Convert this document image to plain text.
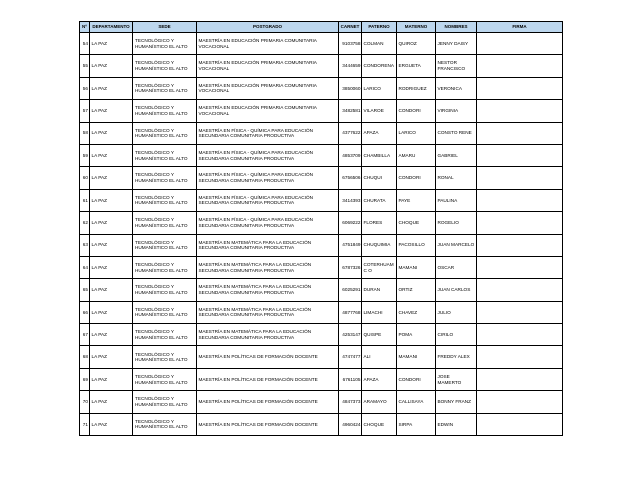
Nº	DEPARTAMENTO	SEDE	POSTGRADO	CARNET	PATERNO	MATERNO	NOMBRES	FIRMA
54	LA PAZ	TECNOLÓGICO Y HUMANÍSTICO EL ALTO	MAESTRÍA EN EDUCACIÓN PRIMARIA COMUNITARIA VOCACIONAL	9103758	COLMAN	QUIROZ	JENNY DAISY	
55	LA PAZ	TECNOLÓGICO Y HUMANÍSTICO EL ALTO	MAESTRÍA EN EDUCACIÓN PRIMARIA COMUNITARIA VOCACIONAL	3444659	CONDORENA	ERGUETA	NESTOR FRANCISCO	
56	LA PAZ	TECNOLÓGICO Y HUMANÍSTICO EL ALTO	MAESTRÍA EN EDUCACIÓN PRIMARIA COMUNITARIA VOCACIONAL	3850060	LARICO	RODRIGUEZ	VERONICA	
57	LA PAZ	TECNOLÓGICO Y HUMANÍSTICO EL ALTO	MAESTRÍA EN EDUCACIÓN PRIMARIA COMUNITARIA VOCACIONAL	3482581	VILAROE	CONDORI	VIRGINIA	
58	LA PAZ	TECNOLÓGICO Y HUMANÍSTICO EL ALTO	MAESTRÍA EN FÍSICA - QUÍMICA PARA EDUCACIÓN SECUNDARIA COMUNITARIA PRODUCTIVA	4377622	APAZA	LARICO	CONSTO RENE	
59	LA PAZ	TECNOLÓGICO Y HUMANÍSTICO EL ALTO	MAESTRÍA EN FÍSICA - QUÍMICA PARA EDUCACIÓN SECUNDARIA COMUNITARIA PRODUCTIVA	4853709	CHAMBILLA	AMARU	GABRIEL	
60	LA PAZ	TECNOLÓGICO Y HUMANÍSTICO EL ALTO	MAESTRÍA EN FÍSICA - QUÍMICA PARA EDUCACIÓN SECUNDARIA COMUNITARIA PRODUCTIVA	6756506	CHUQUI	CONDORI	RONAL	
61	LA PAZ	TECNOLÓGICO Y HUMANÍSTICO EL ALTO	MAESTRÍA EN FÍSICA - QUÍMICA PARA EDUCACIÓN SECUNDARIA COMUNITARIA PRODUCTIVA	3414393	CHURATA	PAYE	PAULINA	
62	LA PAZ	TECNOLÓGICO Y HUMANÍSTICO EL ALTO	MAESTRÍA EN FÍSICA - QUÍMICA PARA EDUCACIÓN SECUNDARIA COMUNITARIA PRODUCTIVA	6069222	FLORES	CHOQUE	ROGELIO	
63	LA PAZ	TECNOLÓGICO Y HUMANÍSTICO EL ALTO	MAESTRÍA EN MATEMÁTICA PARA LA EDUCACIÓN SECUNDARIA COMUNITARIA PRODUCTIVA	4751849	CHUQUIMIA	PACOSILLO	JUAN MARCELO	
64	LA PAZ	TECNOLÓGICO Y HUMANÍSTICO EL ALTO	MAESTRÍA EN MATEMÁTICA PARA LA EDUCACIÓN SECUNDARIA COMUNITARIA PRODUCTIVA	6787326	COTERHUAMC O	MAMANI	OSCAR	
65	LA PAZ	TECNOLÓGICO Y HUMANÍSTICO EL ALTO	MAESTRÍA EN MATEMÁTICA PARA LA EDUCACIÓN SECUNDARIA COMUNITARIA PRODUCTIVA	6025291	DURAN	ORTIZ	JUAN CARLOS	
66	LA PAZ	TECNOLÓGICO Y HUMANÍSTICO EL ALTO	MAESTRÍA EN MATEMÁTICA PARA LA EDUCACIÓN SECUNDARIA COMUNITARIA PRODUCTIVA	4877768	LIMACHI	CHAVEZ	JULIO	
67	LA PAZ	TECNOLÓGICO Y HUMANÍSTICO EL ALTO	MAESTRÍA EN MATEMÁTICA PARA LA EDUCACIÓN SECUNDARIA COMUNITARIA PRODUCTIVA	4253147	QUISPE	POMA	CIRILO	
68	LA PAZ	TECNOLÓGICO Y HUMANÍSTICO EL ALTO	MAESTRÍA EN POLÍTICAS DE FORMACIÓN DOCENTE	4747477	ALI	MAMANI	FREDDY ALEX	
69	LA PAZ	TECNOLÓGICO Y HUMANÍSTICO EL ALTO	MAESTRÍA EN POLÍTICAS DE FORMACIÓN DOCENTE	6761105	APAZA	CONDORI	JOSE MAMERTO	
70	LA PAZ	TECNOLÓGICO Y HUMANÍSTICO EL ALTO	MAESTRÍA EN POLÍTICAS DE FORMACIÓN DOCENTE	4847373	ARAMAYO	CALLISAYA	BONNY FRANZ	
71	LA PAZ	TECNOLÓGICO Y HUMANÍSTICO EL ALTO	MAESTRÍA EN POLÍTICAS DE FORMACIÓN DOCENTE	4960424	CHOQUE	SIRPA	EDWIN	
